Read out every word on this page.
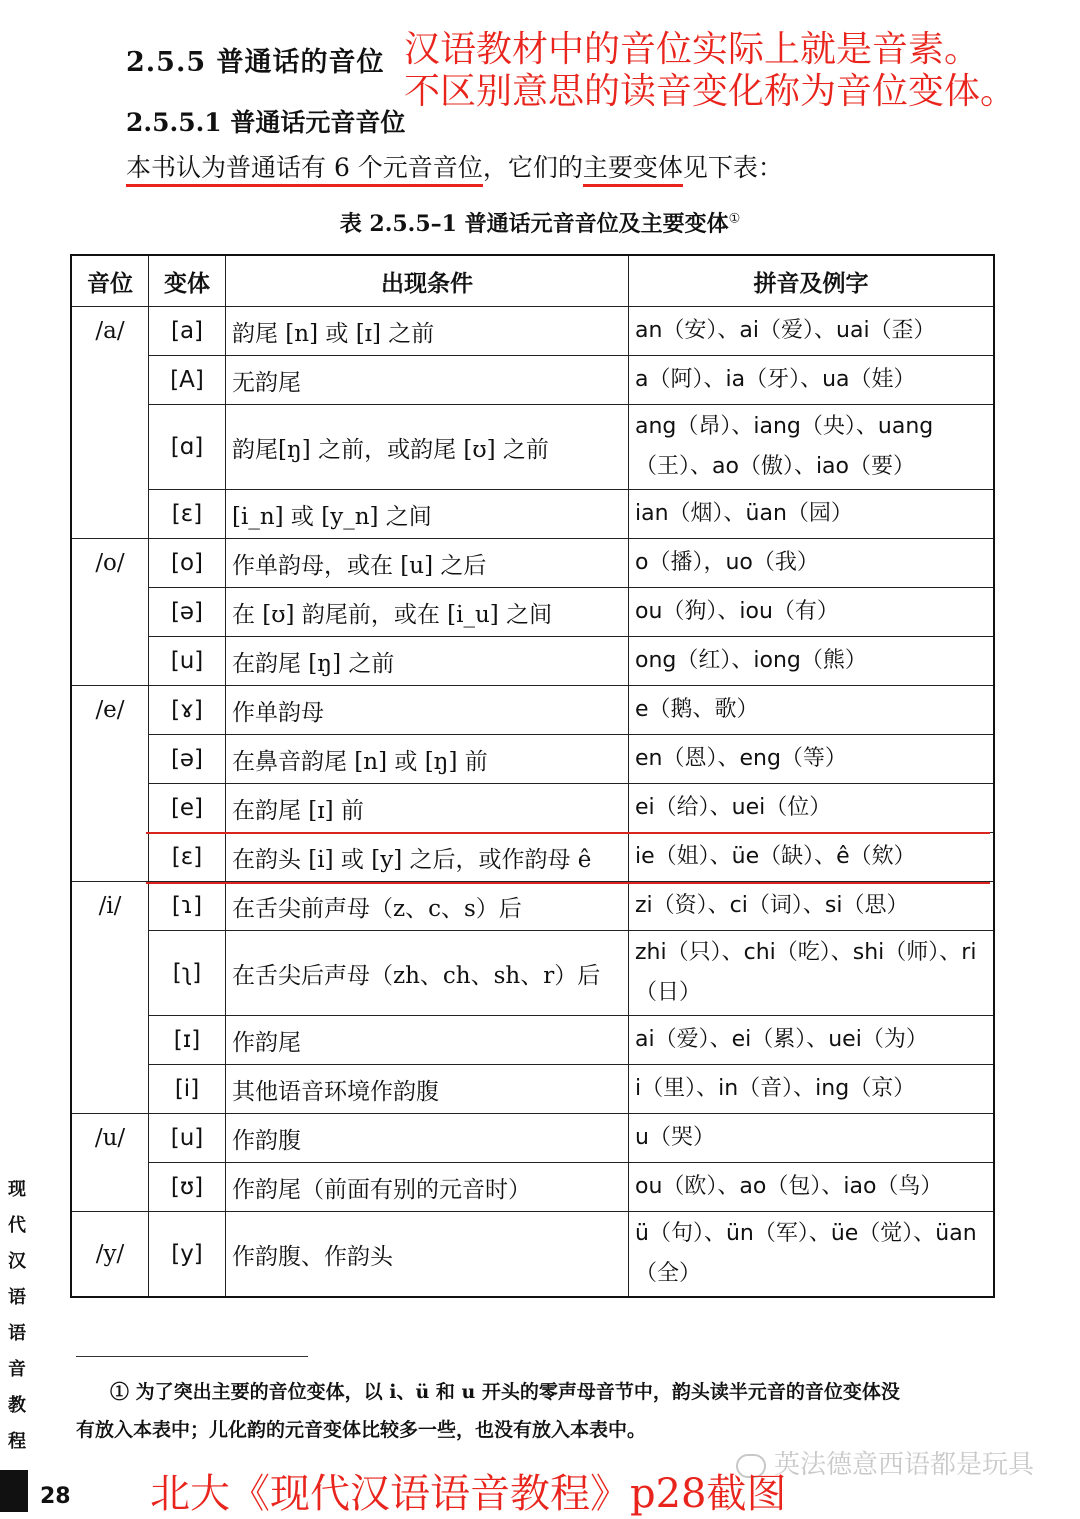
2.5.5 普通话的音位 汉语教材中的音位实际上就是音素。
不区别意思的读音变化称为音位变体。
2.5.5.1 普通话元音音位
本书认为普通话有 6 个元音音位，它们的主要变体见下表：
表 2.5.5–1 普通话元音音位及主要变体①
音位	变体	出现条件	拼音及例字
/a/	[a]	韵尾 [n] 或 [ɪ] 之前	an（安）、ai（爱）、uai（歪）
	[A]	无韵尾	a（阿）、ia（牙）、ua（娃）
	[ɑ]	韵尾[ŋ] 之前，或韵尾 [ʊ] 之前	ang（昂）、iang（央）、uang（王）、ao（傲）、iao（要）
	[ɛ]	[i_n] 或 [y_n] 之间	ian（烟）、üan（园）
/o/	[o]	作单韵母，或在 [u] 之后	o（播），uo（我）
	[ə]	在 [ʊ] 韵尾前，或在 [i_u] 之间	ou（狗）、iou（有）
	[u]	在韵尾 [ŋ] 之前	ong（红）、iong（熊）
/e/	[ɤ]	作单韵母	e（鹅、歌）
	[ə]	在鼻音韵尾 [n] 或 [ŋ] 前	en（恩）、eng（等）
	[e]	在韵尾 [ɪ] 前	ei（给）、uei（位）
	[ɛ]	在韵头 [i] 或 [y] 之后，或作韵母 ê	ie（姐）、üe（缺）、ê（欸）
/i/	[ɿ]	在舌尖前声母（z、c、s）后	zi（资）、ci（词）、si（思）
	[ʅ]	在舌尖后声母（zh、ch、sh、r）后	zhi（只）、chi（吃）、shi（师）、ri（日）
	[ɪ]	作韵尾	ai（爱）、ei（累）、uei（为）
	[i]	其他语音环境作韵腹	i（里）、in（音）、ing（京）
/u/	[u]	作韵腹	u（哭）
	[ʊ]	作韵尾（前面有别的元音时）	ou（欧）、ao（包）、iao（鸟）
/y/	[y]	作韵腹、作韵头	ü（句）、ün（军）、üe（觉）、üan（全）
① 为了突出主要的音位变体，以 i、ü 和 u 开头的零声母音节中，韵头读半元音的音位变体没
有放入本表中；儿化韵的元音变体比较多一些，也没有放入本表中。
现代汉语语音教程
28
英法德意西语都是玩具
北大《现代汉语语音教程》p28截图
